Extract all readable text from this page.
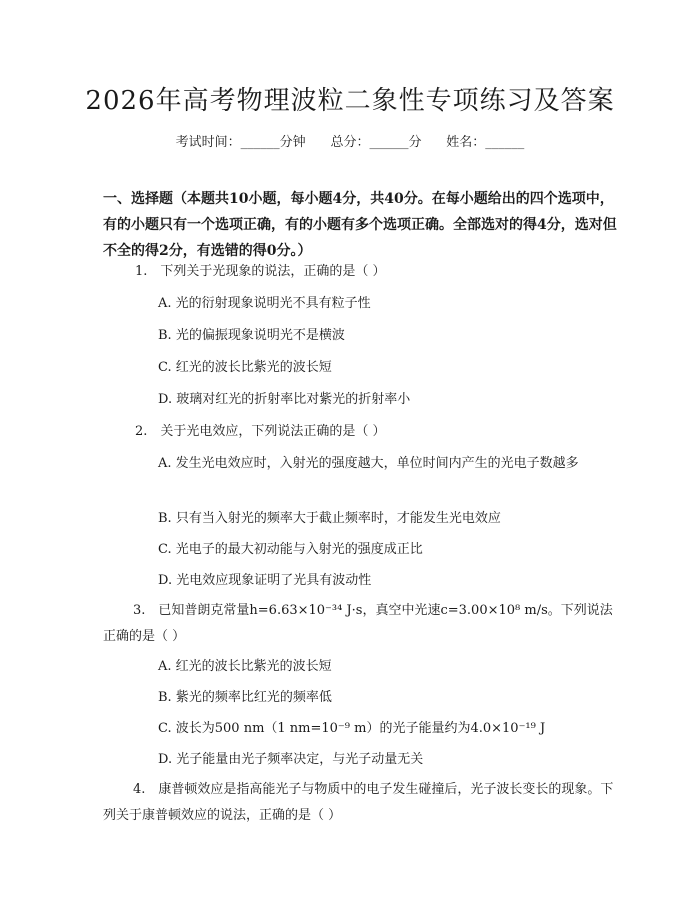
2026年高考物理波粒二象性专项练习及答案
考试时间：______分钟 总分：______分 姓名：______
一、选择题（本题共10小题，每小题4分，共40分。在每小题给出的四个选项中，有的小题只有一个选项正确，有的小题有多个选项正确。全部选对的得4分，选对但不全的得2分，有选错的得0分。）
1.　下列关于光现象的说法，正确的是（ ）
A. 光的衍射现象说明光不具有粒子性
B. 光的偏振现象说明光不是横波
C. 红光的波长比紫光的波长短
D. 玻璃对红光的折射率比对紫光的折射率小
2.　关于光电效应，下列说法正确的是（ ）
A. 发生光电效应时，入射光的强度越大，单位时间内产生的光电子数越多
B. 只有当入射光的频率大于截止频率时，才能发生光电效应
C. 光电子的最大初动能与入射光的强度成正比
D. 光电效应现象证明了光具有波动性
3.　已知普朗克常量h=6.63×10⁻³⁴ J·s，真空中光速c=3.00×10⁸ m/s。下列说法正确的是（ ）
A. 红光的波长比紫光的波长短
B. 紫光的频率比红光的频率低
C. 波长为500 nm（1 nm=10⁻⁹ m）的光子能量约为4.0×10⁻¹⁹ J
D. 光子能量由光子频率决定，与光子动量无关
4.　康普顿效应是指高能光子与物质中的电子发生碰撞后，光子波长变长的现象。下列关于康普顿效应的说法，正确的是（ ）
